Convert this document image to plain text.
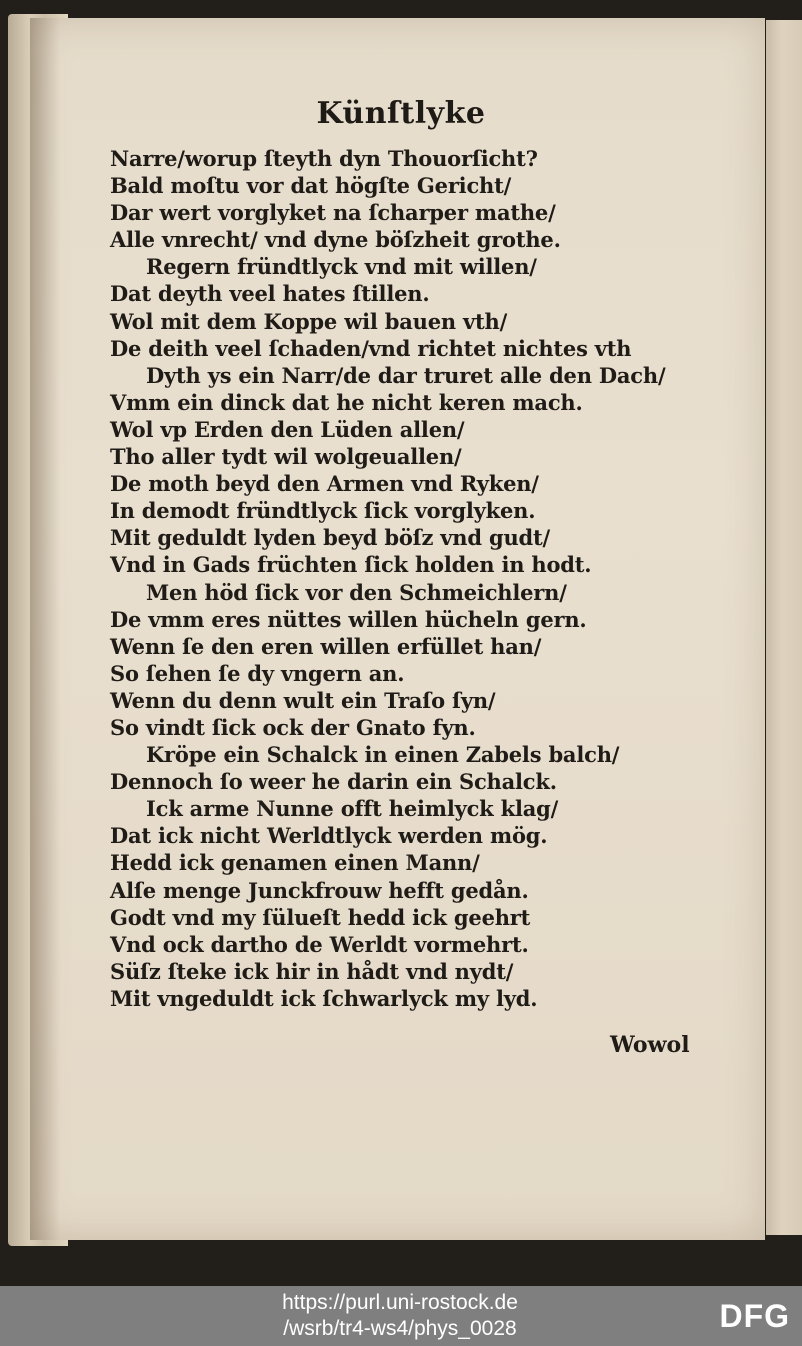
Künſtlyke
Narre/worup ſteyth dyn Thouorſicht?
Bald moſtu vor dat högſte Gericht/
Dar wert vorglyket na ſcharper mathe/
Alle vnrecht/ vnd dyne böſzheit grothe.
Regern fründtlyck vnd mit willen/
Dat deyth veel hates ſtillen.
Wol mit dem Koppe wil bauen vth/
De deith veel ſchaden/vnd richtet nichtes vth
Dyth ys ein Narr/de dar truret alle den Dach/
Vmm ein dinck dat he nicht keren mach.
Wol vp Erden den Lüden allen/
Tho aller tydt wil wolgeuallen/
De moth beyd den Armen vnd Ryken/
In demodt fründtlyck ſick vorglyken.
Mit geduldt lyden beyd böſz vnd gudt/
Vnd in Gads früchten ſick holden in hodt.
Men höd ſick vor den Schmeichlern/
De vmm eres nüttes willen hücheln gern.
Wenn ſe den eren willen erfüllet han/
So ſehen ſe dy vngern an.
Wenn du denn wult ein Traſo ſyn/
So vindt ſick ock der Gnato fyn.
Kröpe ein Schalck in einen Zabels balch/
Dennoch ſo weer he darin ein Schalck.
Ick arme Nunne offt heimlyck klag/
Dat ick nicht Werldtlyck werden mög.
Hedd ick genamen einen Mann/
Alſe menge Junckfrouw hefft gedån.
Godt vnd my ſülueſt hedd ick geehrt
Vnd ock dartho de Werldt vormehrt.
Süſz ſteke ick hir in hådt vnd nydt/
Mit vngeduldt ick ſchwarlyck my lyd.
Wowol
https://purl.uni-rostock.de
/wsrb/tr4-ws4/phys_0028	DFG
